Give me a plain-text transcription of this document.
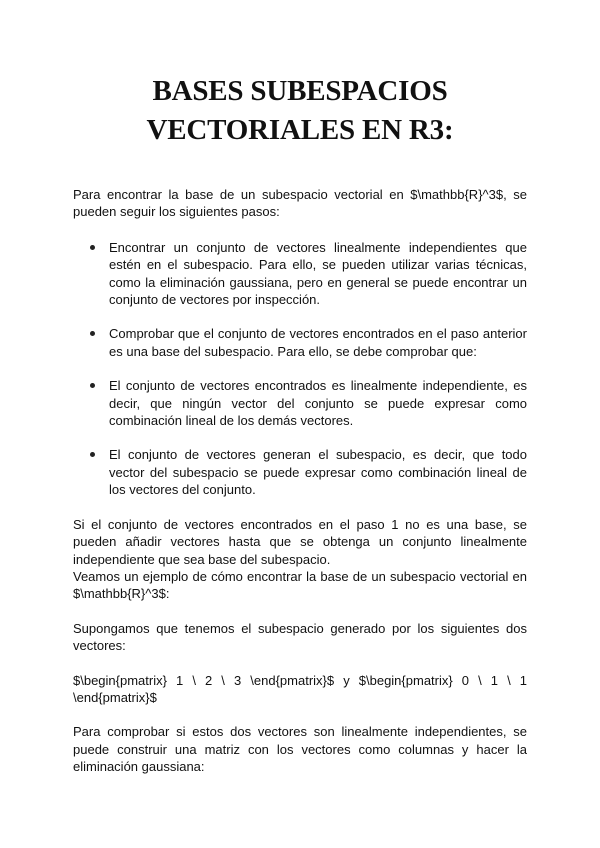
BASES SUBESPACIOS
VECTORIALES EN R3:

Para encontrar la base de un subespacio vectorial en $\mathbb{R}^3$, se pueden seguir los siguientes pasos:

Encontrar un conjunto de vectores linealmente independientes que estén en el subespacio. Para ello, se pueden utilizar varias técnicas, como la eliminación gaussiana, pero en general se puede encontrar un conjunto de vectores por inspección.
Comprobar que el conjunto de vectores encontrados en el paso anterior es una base del subespacio. Para ello, se debe comprobar que:
El conjunto de vectores encontrados es linealmente independiente, es decir, que ningún vector del conjunto se puede expresar como combinación lineal de los demás vectores.
El conjunto de vectores generan el subespacio, es decir, que todo vector del subespacio se puede expresar como combinación lineal de los vectores del conjunto.

Si el conjunto de vectores encontrados en el paso 1 no es una base, se pueden añadir vectores hasta que se obtenga un conjunto linealmente independiente que sea base del subespacio.

Veamos un ejemplo de cómo encontrar la base de un subespacio vectorial en $\mathbb{R}^3$:

Supongamos que tenemos el subespacio generado por los siguientes dos vectores:

$\begin{pmatrix} 1 \ 2 \ 3 \end{pmatrix}$ y $\begin{pmatrix} 0 \ 1 \ 1 \end{pmatrix}$

Para comprobar si estos dos vectores son linealmente independientes, se puede construir una matriz con los vectores como columnas y hacer la eliminación gaussiana:
